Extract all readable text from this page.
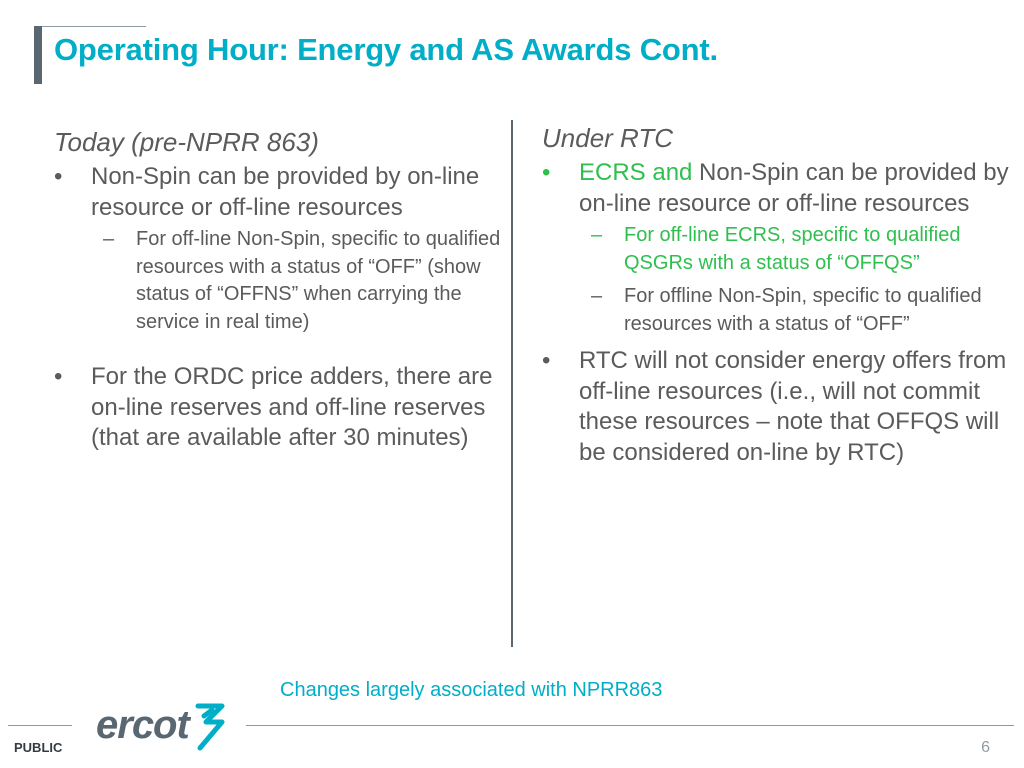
Operating Hour: Energy and AS Awards Cont.
Today (pre-NPRR 863)
•	Non-Spin can be provided by on-line resource or off-line resources
– For off-line Non-Spin, specific to qualified resources with a status of “OFF” (show status of “OFFNS” when carrying the service in real time)
•	For the ORDC price adders, there are on-line reserves and off-line reserves (that are available after 30 minutes)
Under RTC
•	ECRS and Non-Spin can be provided by on-line resource or off-line resources
– For off-line ECRS, specific to qualified QSGRs with a status of “OFFQS”
– For offline Non-Spin, specific to qualified resources with a status of “OFF”
•	RTC will not consider energy offers from off-line resources (i.e., will not commit these resources – note that OFFQS will be considered on-line by RTC)
Changes largely associated with NPRR863
ercot
PUBLIC	6
